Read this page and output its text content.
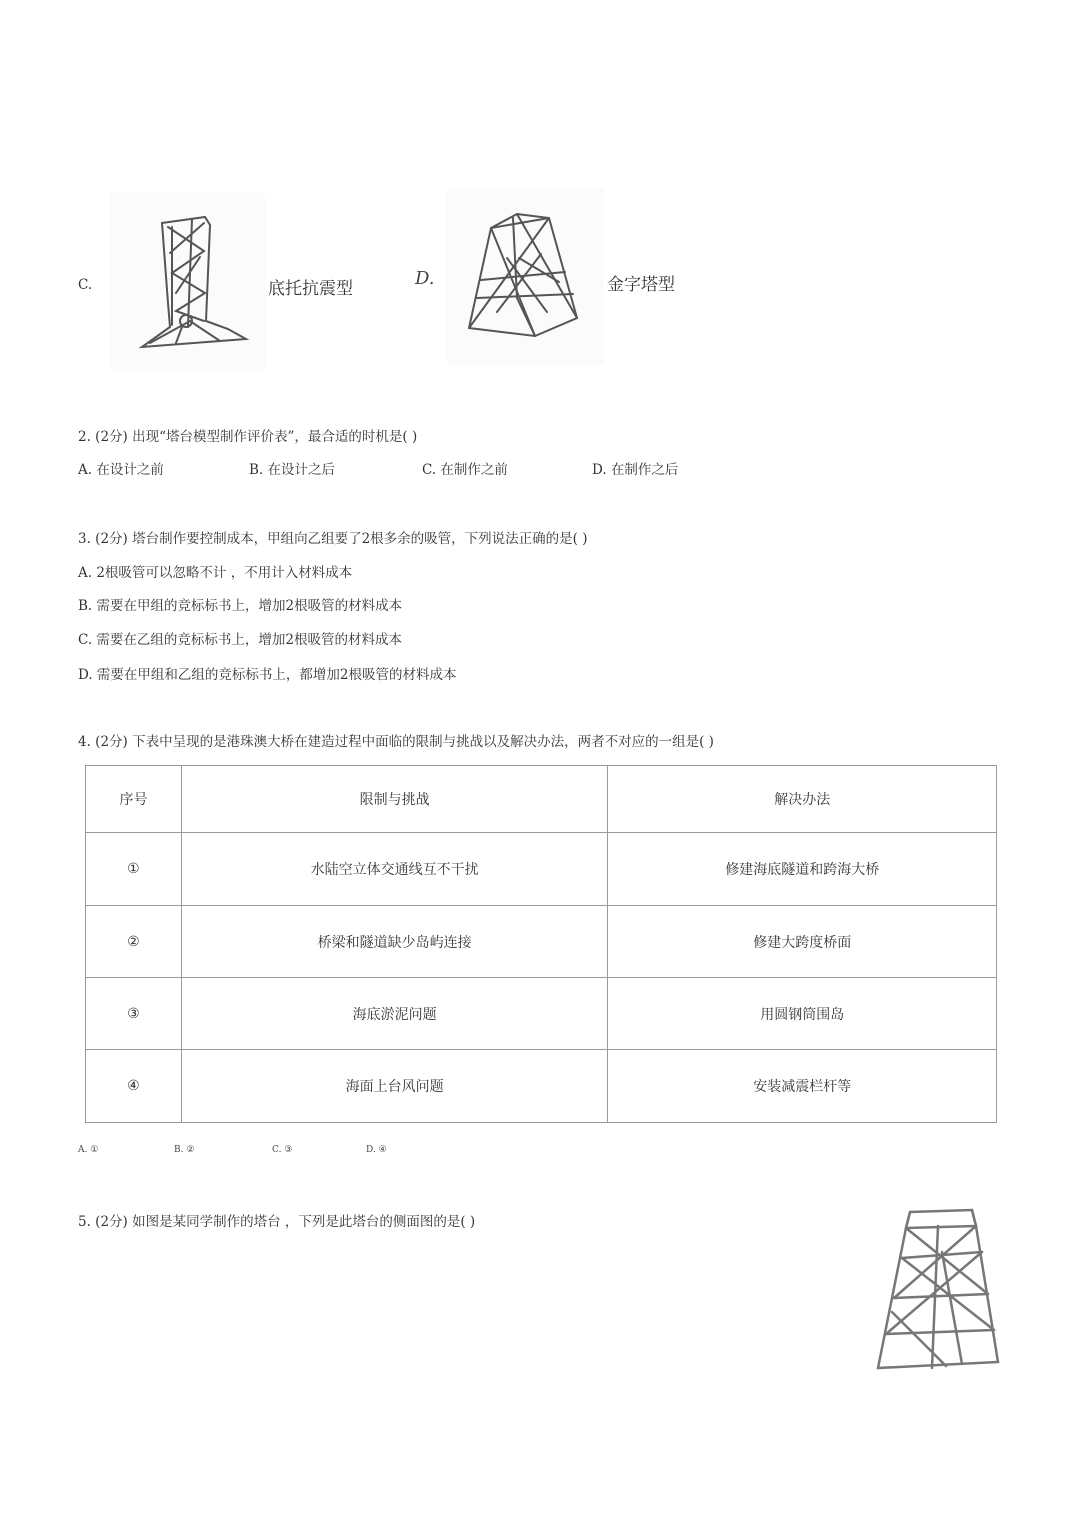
C.	底托抗震型	D.	金字塔型
2. (2分) 出现“塔台模型制作评价表”，最合适的时机是( )
A. 在设计之前	B. 在设计之后	C. 在制作之前	D. 在制作之后
3. (2分) 塔台制作要控制成本，甲组向乙组要了2根多余的吸管，下列说法正确的是( )
A. 2根吸管可以忽略不计 ，不用计入材料成本
B. 需要在甲组的竞标标书上，增加2根吸管的材料成本
C. 需要在乙组的竞标标书上，增加2根吸管的材料成本
D. 需要在甲组和乙组的竞标标书上，都增加2根吸管的材料成本
4. (2分) 下表中呈现的是港珠澳大桥在建造过程中面临的限制与挑战以及解决办法，两者不对应的一组是( )
序号	限制与挑战	解决办法
①	水陆空立体交通线互不干扰	修建海底隧道和跨海大桥
②	桥梁和隧道缺少岛屿连接	修建大跨度桥面
③	海底淤泥问题	用圆钢筒围岛
④	海面上台风问题	安装减震栏杆等
A. ①	B. ②	C. ③	D. ④
5. (2分) 如图是某同学制作的塔台 ，下列是此塔台的侧面图的是( )
